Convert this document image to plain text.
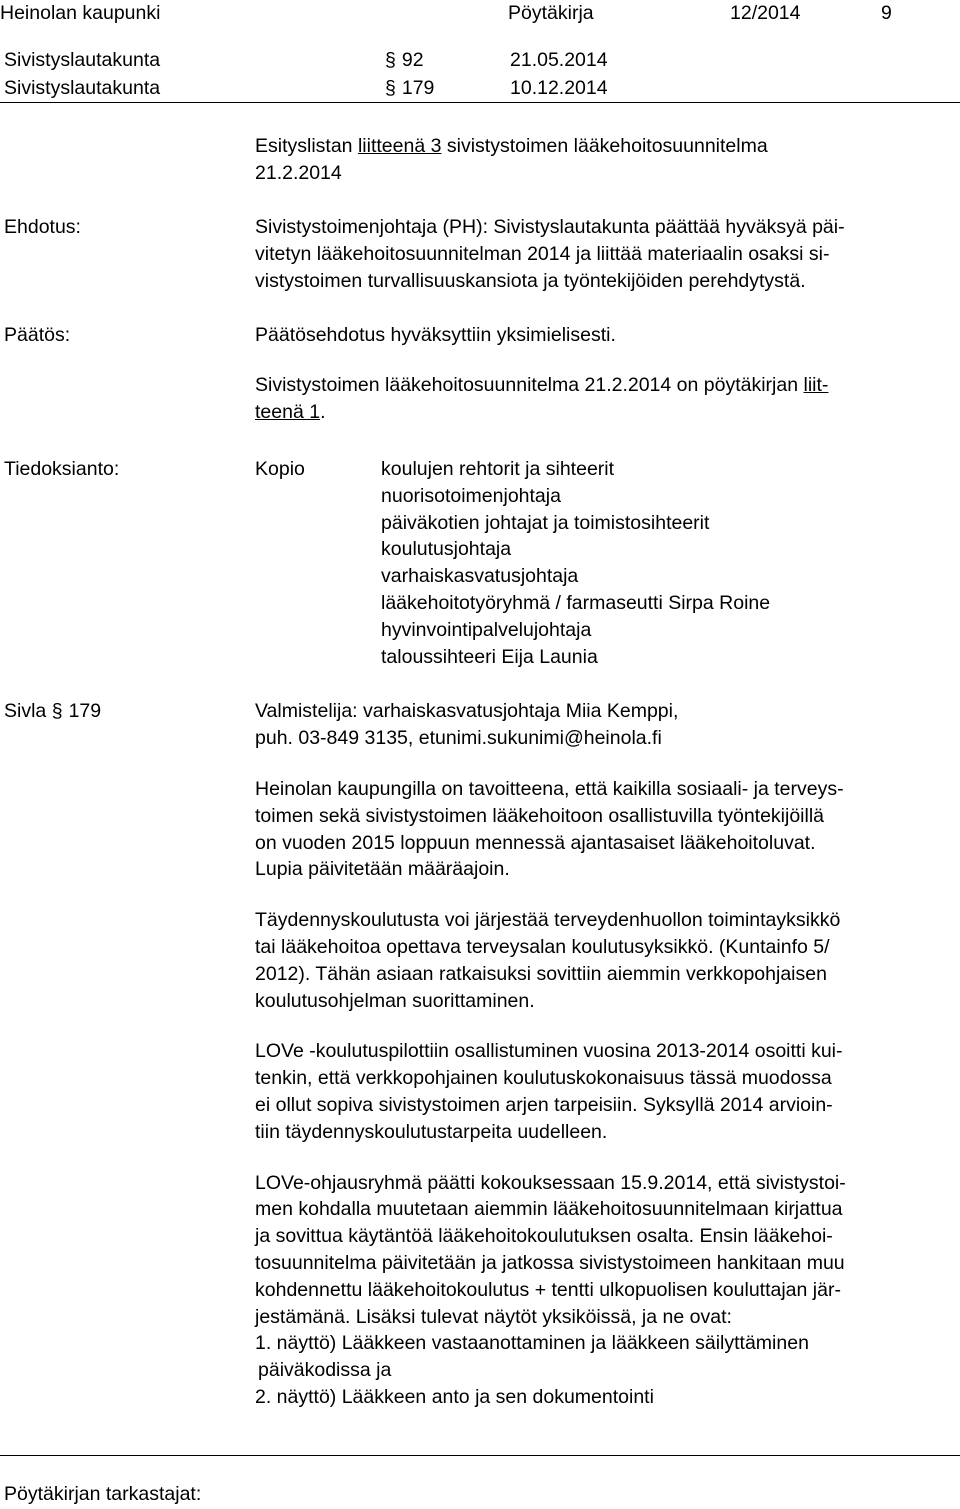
Heinolan kaupunki	Pöytäkirja	12/2014	9
Sivistyslautakunta	§ 92	21.05.2014
Sivistyslautakunta	§ 179	10.12.2014
Esityslistan liitteenä 3 sivistystoimen lääkehoitosuunnitelma
21.2.2014
Ehdotus:	Sivistystoimenjohtaja (PH): Sivistyslautakunta päättää hyväksyä päi-
vitetyn lääkehoitosuunnitelman 2014 ja liittää materiaalin osaksi si-
vistystoimen turvallisuuskansiota ja työntekijöiden perehdytystä.
Päätös:	Päätösehdotus hyväksyttiin yksimielisesti.
Sivistystoimen lääkehoitosuunnitelma 21.2.2014 on pöytäkirjan liit-
teenä 1.
Tiedoksianto:	Kopio	koulujen rehtorit ja sihteerit
nuorisotoimenjohtaja
päiväkotien johtajat ja toimistosihteerit
koulutusjohtaja
varhaiskasvatusjohtaja
lääkehoitotyöryhmä / farmaseutti Sirpa Roine
hyvinvointipalvelujohtaja
taloussihteeri Eija Launia
Sivla § 179	Valmistelija: varhaiskasvatusjohtaja Miia Kemppi,
puh. 03-849 3135, etunimi.sukunimi@heinola.fi
Heinolan kaupungilla on tavoitteena, että kaikilla sosiaali- ja terveys-
toimen sekä sivistystoimen lääkehoitoon osallistuvilla työntekijöillä
on vuoden 2015 loppuun mennessä ajantasaiset lääkehoitoluvat.
Lupia päivitetään määräajoin.
Täydennyskoulutusta voi järjestää terveydenhuollon toimintayksikkö
tai lääkehoitoa opettava terveysalan koulutusyksikkö. (Kuntainfo 5/
2012). Tähän asiaan ratkaisuksi sovittiin aiemmin verkkopohjaisen
koulutusohjelman suorittaminen.
LOVe -koulutuspilottiin osallistuminen vuosina 2013-2014 osoitti kui-
tenkin, että verkkopohjainen koulutuskokonaisuus tässä muodossa
ei ollut sopiva sivistystoimen arjen tarpeisiin. Syksyllä 2014 arvioin-
tiin täydennyskoulutustarpeita uudelleen.
LOVe-ohjausryhmä päätti kokouksessaan 15.9.2014, että sivistystoi-
men kohdalla muutetaan aiemmin lääkehoitosuunnitelmaan kirjattua
ja sovittua käytäntöä lääkehoitokoulutuksen osalta. Ensin lääkehoi-
tosuunnitelma päivitetään ja jatkossa sivistystoimeen hankitaan muu
kohdennettu lääkehoitokoulutus + tentti ulkopuolisen kouluttajan jär-
jestämänä. Lisäksi tulevat näytöt yksiköissä, ja ne ovat:
1. näyttö) Lääkkeen vastaanottaminen ja lääkkeen säilyttäminen
päiväkodissa ja
2. näyttö) Lääkkeen anto ja sen dokumentointi
Pöytäkirjan tarkastajat:
